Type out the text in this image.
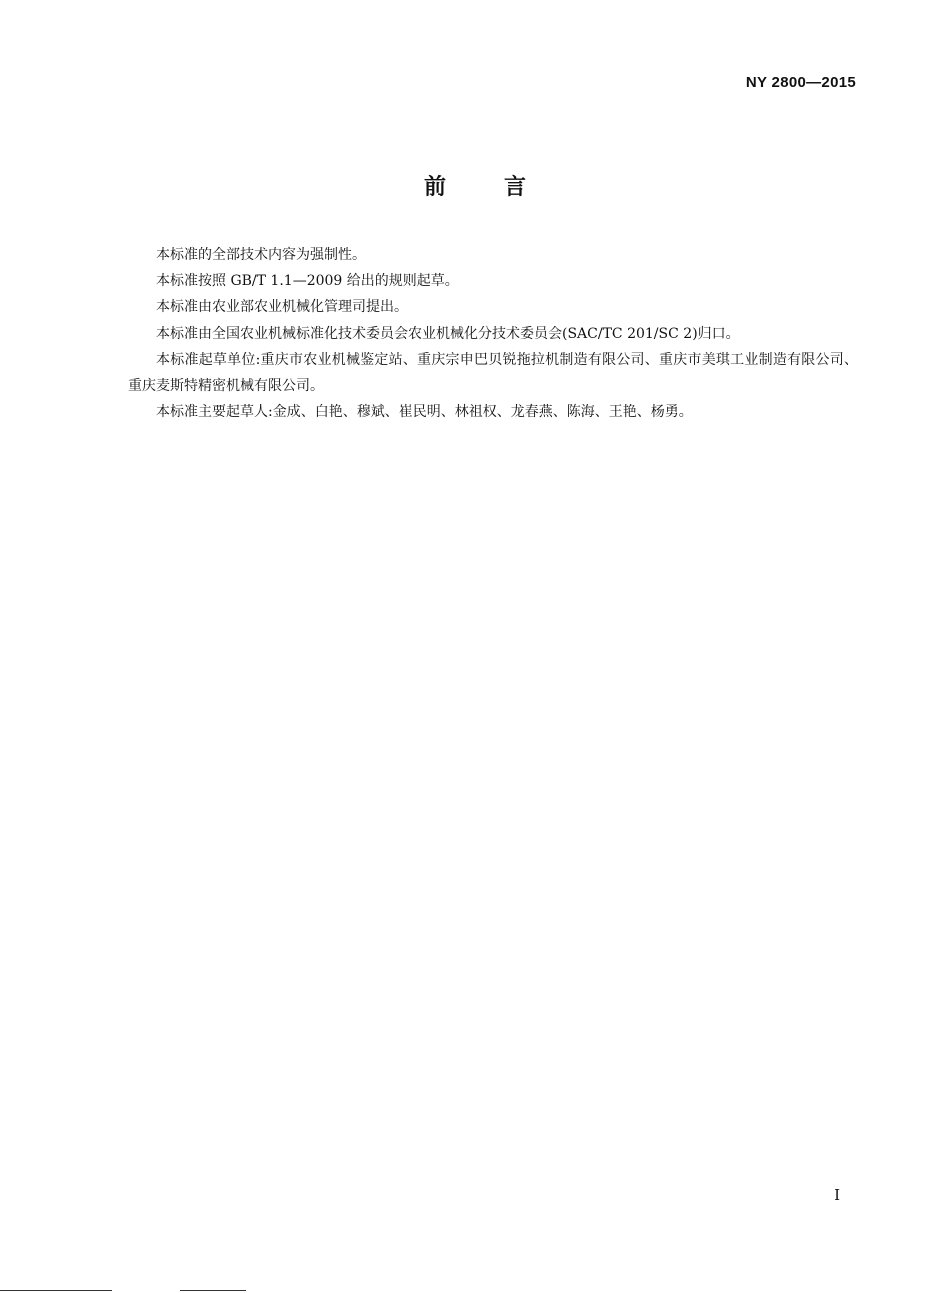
NY 2800—2015
前言

本标准的全部技术内容为强制性。

本标准按照 GB/T 1.1—2009 给出的规则起草。

本标准由农业部农业机械化管理司提出。

本标准由全国农业机械标准化技术委员会农业机械化分技术委员会(SAC/TC 201/SC 2)归口。

本标准起草单位:重庆市农业机械鉴定站、重庆宗申巴贝锐拖拉机制造有限公司、重庆市美琪工业制造有限公司、重庆麦斯特精密机械有限公司。

本标准主要起草人:金成、白艳、穆斌、崔民明、林祖权、龙春燕、陈海、王艳、杨勇。

I
